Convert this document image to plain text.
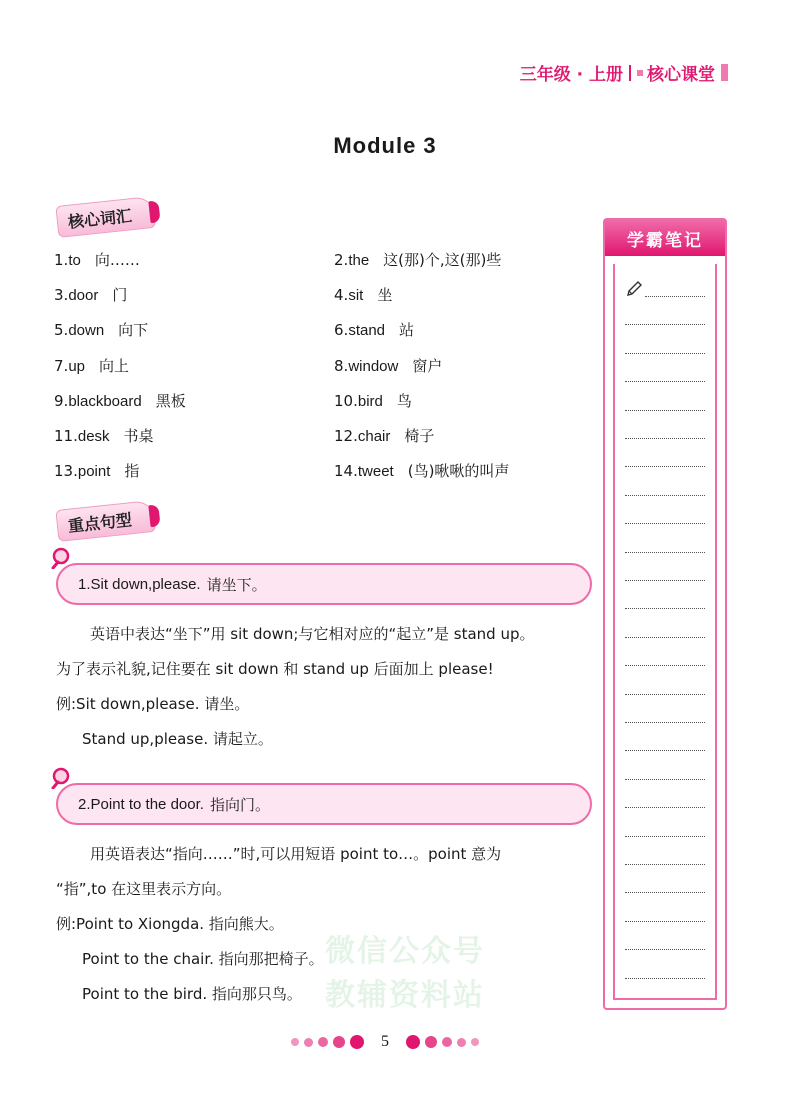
三年级 · 上册 核心课堂
Module 3
核心词汇
1.to 向……	2.the 这(那)个,这(那)些
3.door 门	4.sit 坐
5.down 向下	6.stand 站
7.up 向上	8.window 窗户
9.blackboard 黑板	10.bird 鸟
11.desk 书桌	12.chair 椅子
13.point 指	14.tweet (鸟)啾啾的叫声
重点句型
1.Sit down,please. 请坐下。
英语中表达“坐下”用 sit down;与它相对应的“起立”是 stand up。
为了表示礼貌,记住要在 sit down 和 stand up 后面加上 please!
例:Sit down,please. 请坐。
Stand up,please. 请起立。
2.Point to the door. 指向门。
用英语表达“指向……”时,可以用短语 point to…。point 意为
“指”,to 在这里表示方向。
例:Point to Xiongda. 指向熊大。
Point to the chair. 指向那把椅子。
Point to the bird. 指向那只鸟。
学霸笔记
微信公众号
教辅资料站
5
